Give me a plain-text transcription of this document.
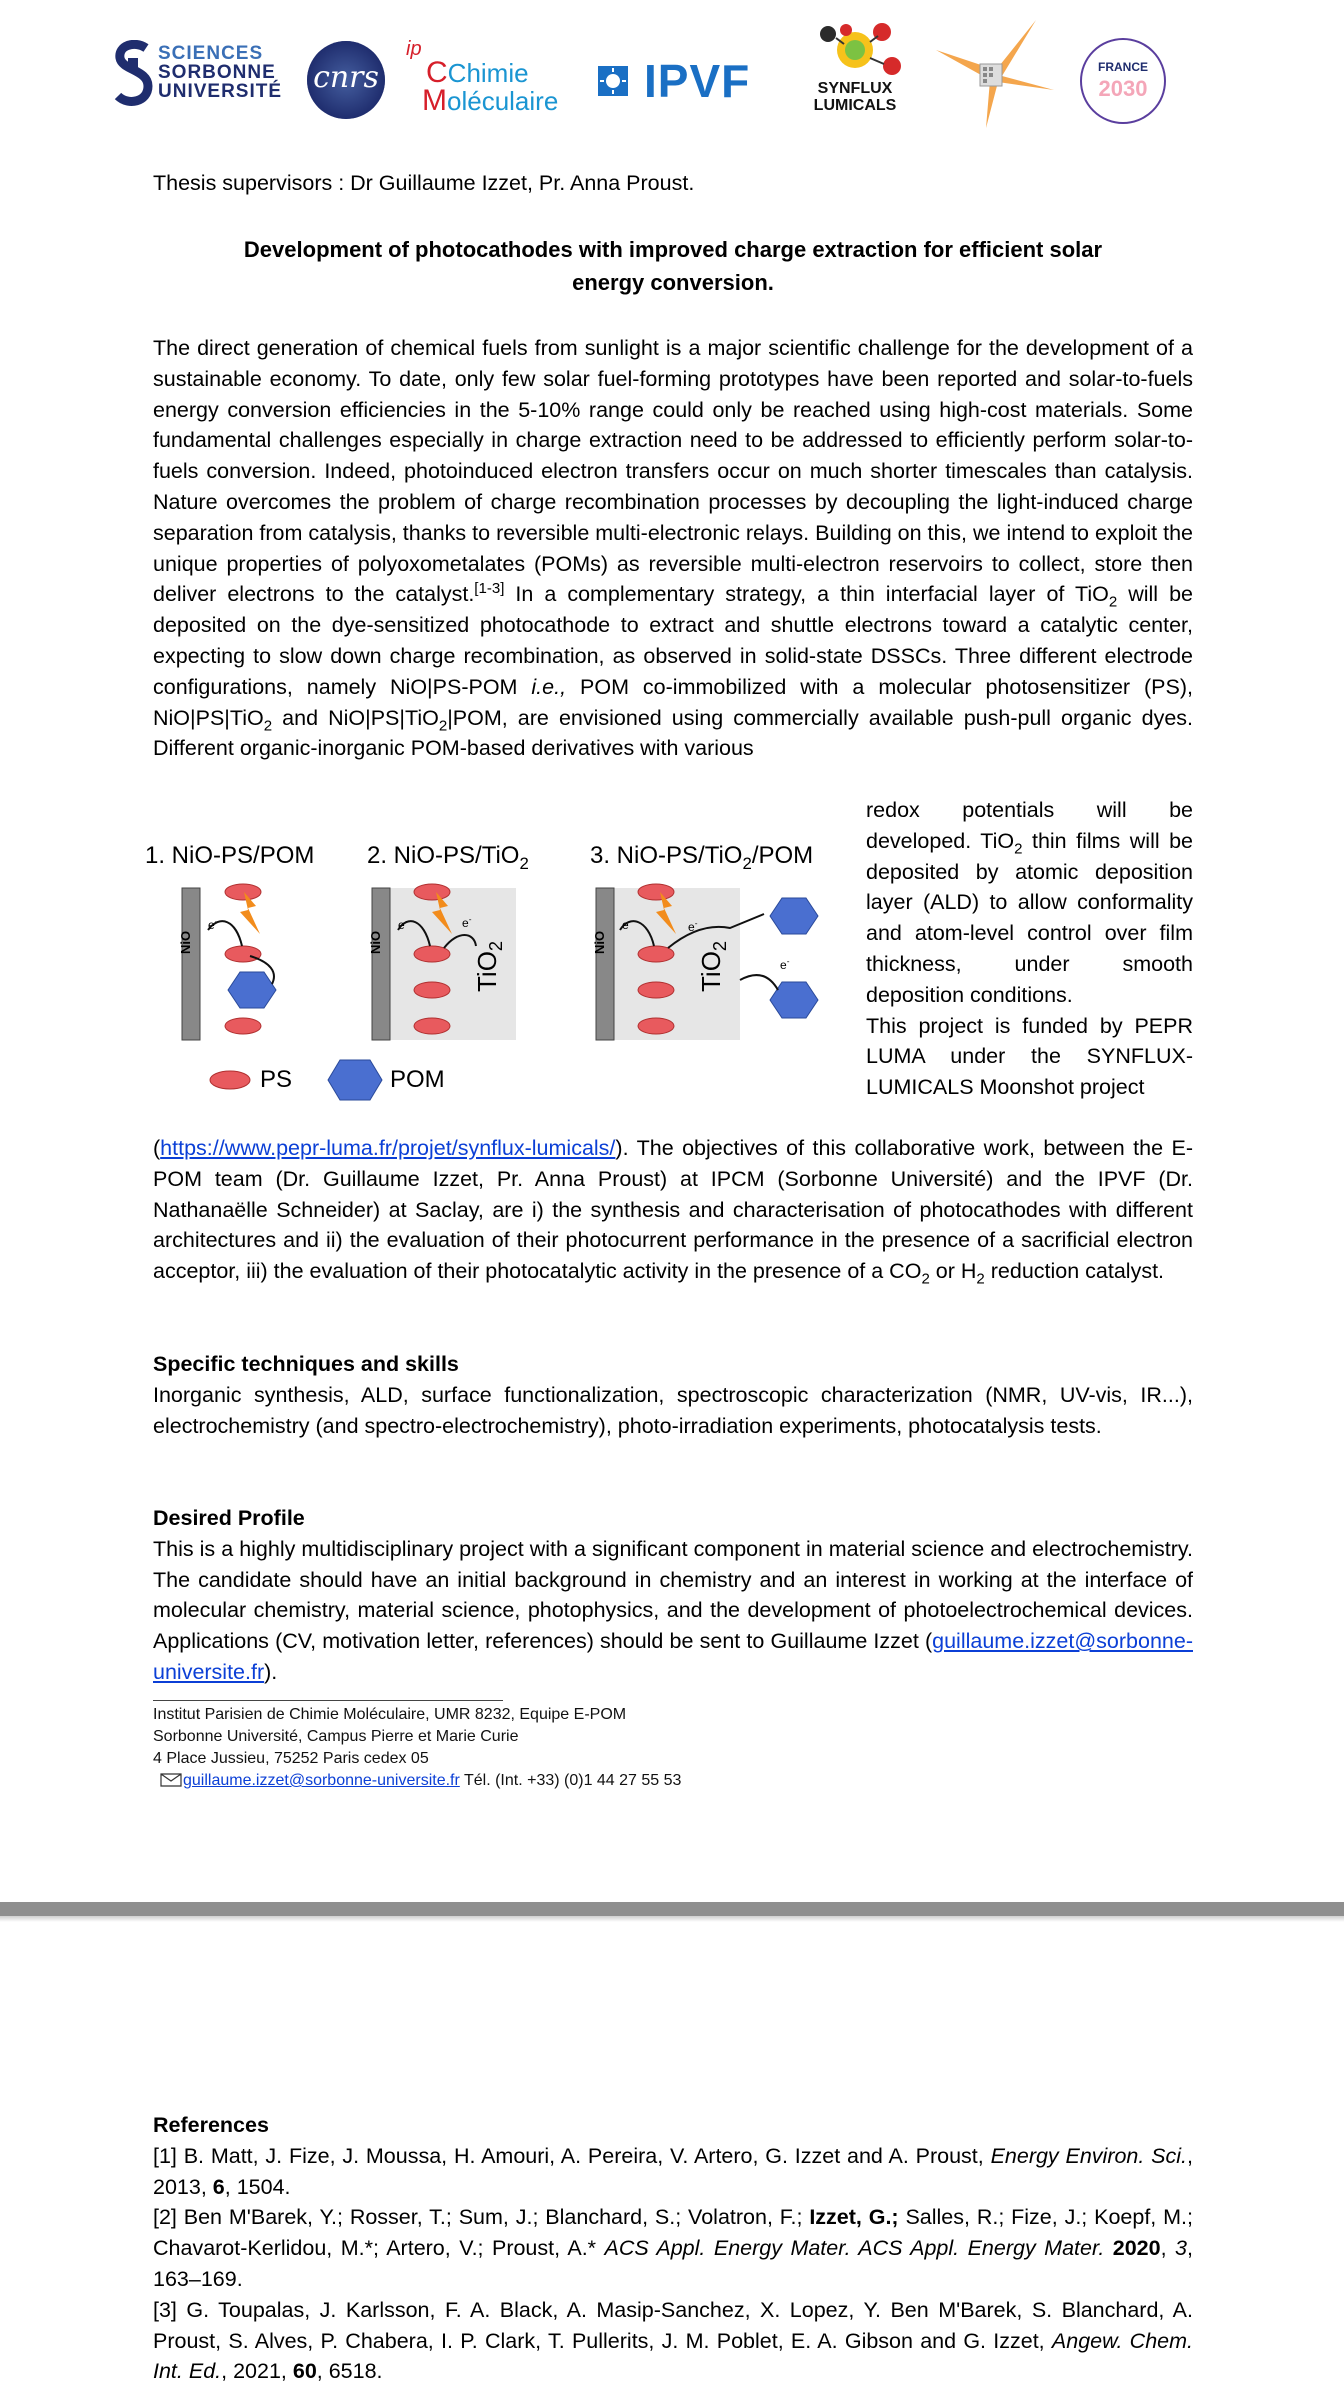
SCIENCES
SORBONNE
UNIVERSITÉ cnrs
ip
CChimie
Moléculaire IPVF	SYNFLUX
LUMICALS
FRANCE
2030
Thesis supervisors : Dr Guillaume Izzet, Pr. Anna Proust.
Development of photocathodes with improved charge extraction for efficient solar
energy conversion.
The direct generation of chemical fuels from sunlight is a major scientific challenge for the development of a sustainable economy. To date, only few solar fuel-forming prototypes have been reported and solar-to-fuels energy conversion efficiencies in the 5-10% range could only be reached using high-cost materials. Some fundamental challenges especially in charge extraction need to be addressed to efficiently perform solar-to-fuels conversion. Indeed, photoinduced electron transfers occur on much shorter timescales than catalysis. Nature overcomes the problem of charge recombination processes by decoupling the light-induced charge separation from catalysis, thanks to reversible multi-electronic relays. Building on this, we intend to exploit the unique properties of polyoxometalates (POMs) as reversible multi-electron reservoirs to collect, store then deliver electrons to the catalyst.[1-3] In a complementary strategy, a thin interfacial layer of TiO$_2$ will be deposited on the dye-sensitized photocathode to extract and shuttle electrons toward a catalytic center, expecting to slow down charge recombination, as observed in solid-state DSSCs. Three different electrode configurations, namely NiO|PS-POM i.e., POM co-immobilized with a molecular photosensitizer (PS), NiO|PS|TiO$_2$ and NiO|PS|TiO$_2$|POM, are envisioned using commercially available push-pull organic dyes. Different organic-inorganic POM-based derivatives with various
1. NiO-PS/POM 2. NiO-PS/TiO$_2$	3. NiO-PS/TiO$_2$/POM
NiO	NiO	NiO
TiO$_2$
TiO$_2$
e-	e-	e-	e-	e-
e-
PS	POM
redox potentials will be developed. TiO$_2$ thin films will be deposited by atomic deposition layer (ALD) to allow conformality and atom-level control over film thickness, under smooth deposition conditions.
This project is funded by PEPR LUMA under the SYNFLUX-LUMICALS Moonshot project
(https://www.pepr-luma.fr/projet/synflux-lumicals/). The objectives of this collaborative work, between the E-POM team (Dr. Guillaume Izzet, Pr. Anna Proust) at IPCM (Sorbonne Université) and the IPVF (Dr. Nathanaëlle Schneider) at Saclay, are i) the synthesis and characterisation of photocathodes with different architectures and ii) the evaluation of their photocurrent performance in the presence of a sacrificial electron acceptor, iii) the evaluation of their photocatalytic activity in the presence of a $CO_2$ or $H_2$ reduction catalyst.
Specific techniques and skills
Inorganic synthesis, ALD, surface functionalization, spectroscopic characterization (NMR, UV-vis, IR...), electrochemistry (and spectro-electrochemistry), photo-irradiation experiments, photocatalysis tests.
Desired Profile
This is a highly multidisciplinary project with a significant component in material science and electrochemistry. The candidate should have an initial background in chemistry and an interest in working at the interface of molecular chemistry, material science, photophysics, and the development of photoelectrochemical devices. Applications (CV, motivation letter, references) should be sent to Guillaume Izzet (guillaume.izzet@sorbonne-universite.fr).
Institut Parisien de Chimie Moléculaire, UMR 8232, Equipe E-POM
Sorbonne Université, Campus Pierre et Marie Curie
4 Place Jussieu, 75252 Paris cedex 05
guillaume.izzet@sorbonne-universite.fr Tél. (Int. +33) (0)1 44 27 55 53
References
[1] B. Matt, J. Fize, J. Moussa, H. Amouri, A. Pereira, V. Artero, G. Izzet and A. Proust, Energy Environ. Sci., 2013, 6, 1504.
[2] Ben M'Barek, Y.; Rosser, T.; Sum, J.; Blanchard, S.; Volatron, F.; Izzet, G.; Salles, R.; Fize, J.; Koepf, M.; Chavarot-Kerlidou, M.*; Artero, V.; Proust, A.* ACS Appl. Energy Mater. ACS Appl. Energy Mater. 2020, 3, 163–169.
[3] G. Toupalas, J. Karlsson, F. A. Black, A. Masip-Sanchez, X. Lopez, Y. Ben M'Barek, S. Blanchard, A. Proust, S. Alves, P. Chabera, I. P. Clark, T. Pullerits, J. M. Poblet, E. A. Gibson and G. Izzet, Angew. Chem. Int. Ed., 2021, 60, 6518.
